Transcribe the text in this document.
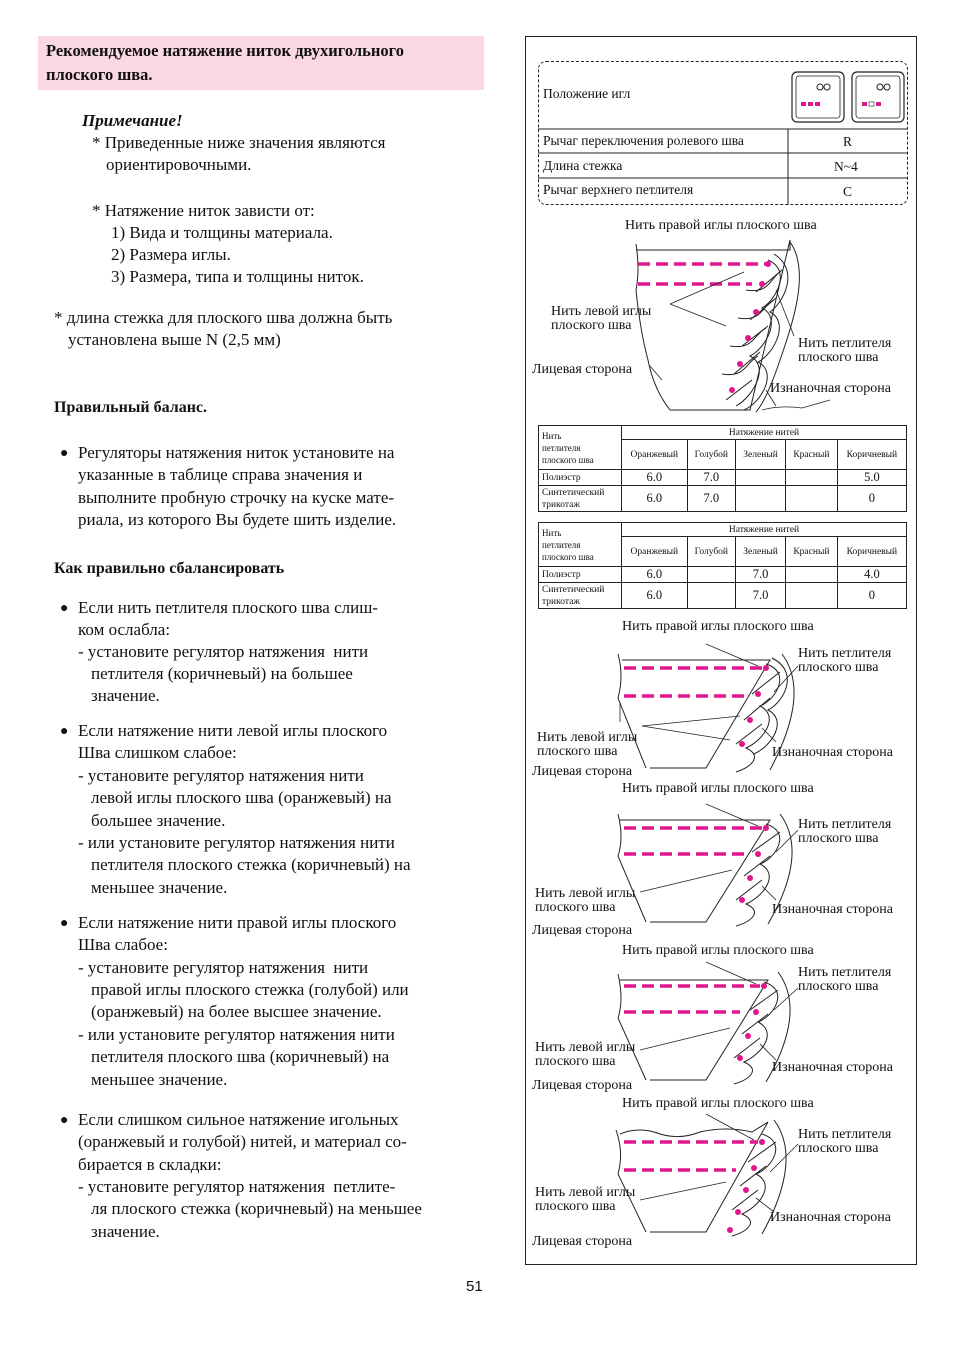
Рекомендуемое натяжение ниток двухигольного
плоского шва.
Примечание!
* Приведенные ниже значения являются
ориентировочными.
* Натяжение ниток зависти от:
1) Вида и толщины материала.
2) Размера иглы.
3) Размера, типа и толщины ниток.
* длина стежка для плоского шва должна быть
установлена выше N (2,5 мм)
Правильный баланс.
● Регуляторы натяжения ниток установите на
указанные в таблице справа значения и
выполните пробную строчку на куске мате-
риала, из которого Вы будете шить изделие.
Как правильно сбалансировать
● Если нить петлителя плоского шва слиш-
ком ослабла:
- установите регулятор натяжения  нити
петлителя (коричневый) на большее
значение.
● Если натяжение нити левой иглы плоского
Шва слишком слабое:
- установите регулятор натяжения нити
левой иглы плоского шва (оранжевый) на
большее значение.
- или установите регулятор натяжения нити
петлителя плоского стежка (коричневый) на
меньшее значение.
● Если натяжение нити правой иглы плоского
Шва слабое:
- установите регулятор натяжения  нити
правой иглы плоского стежка (голубой) или
(оранжевый) на более высшее значение.
- или установите регулятор натяжения нити
петлителя плоского шва (коричневый) на
меньшее значение.
● Если слишком сильное натяжение игольных
(оранжевый и голубой) нитей, и материал со-
бирается в складки:
- установите регулятор натяжения  петлите-
ля плоского стежка (коричневый) на меньшее
значение.
51
Положение игл
Рычаг переключения ролевого шва	R
Длина стежка	N~4
Рычаг верхнего петлителя	C
Нить правой иглы плоского шва
Нить левой иглы
плоского шва
Нить петлителя
плоского шва
Лицевая сторона
Изнаночная сторона
Нить
петлителя
плоского шва	Натяжение нитей				
	Оранжевый	Голубой	Зеленый	Красный	Коричневый
Полиэстр	6.0	7.0			5.0

Синтетический
трикотаж	6.0	7.0			0
Нить
петлителя
плоского шва	Натяжение нитей				
	Оранжевый	Голубой	Зеленый	Красный	Коричневый
Полиэстр	6.0		7.0		4.0

Синтетический
трикотаж	6.0		7.0		0
Нить правой иглы плоского шва
Нить петлителя
плоского шва
Нить левой иглы
плоского шва	Изнаночная сторона
Лицевая сторона
Нить правой иглы плоского шва
Нить петлителя
плоского шва
Нить левой иглы
плоского шва	Изнаночная сторона
Лицевая сторона
Нить правой иглы плоского шва
Нить петлителя
плоского шва
Нить левой иглы
плоского шва	Изнаночная сторона
Лицевая сторона
Нить правой иглы плоского шва
Нить петлителя
плоского шва
Нить левой иглы
плоского шва
Изнаночная сторона
Лицевая сторона
